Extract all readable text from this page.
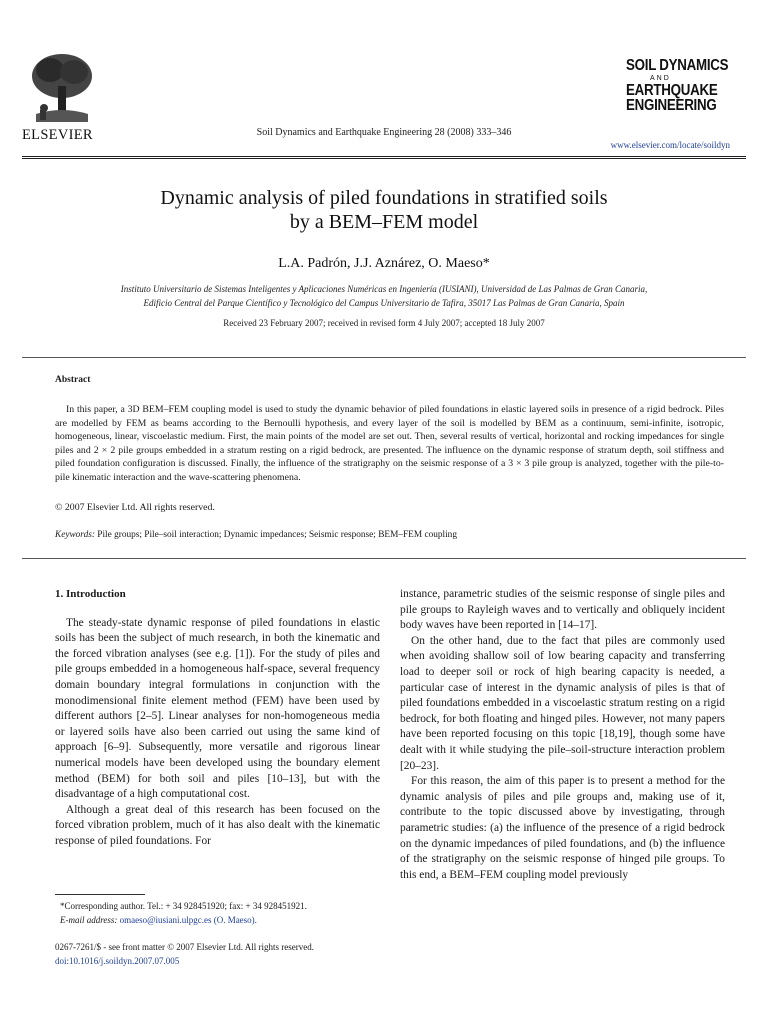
ELSEVIER	Soil Dynamics and Earthquake Engineering 28 (2008) 333–346
SOIL DYNAMICS
AND
EARTHQUAKE
ENGINEERING
www.elsevier.com/locate/soildyn
Dynamic analysis of piled foundations in stratified soils
by a BEM–FEM model
L.A. Padrón, J.J. Aznárez, O. Maeso*
Instituto Universitario de Sistemas Inteligentes y Aplicaciones Numéricas en Ingeniería (IUSIANI), Universidad de Las Palmas de Gran Canaria,
Edificio Central del Parque Científico y Tecnológico del Campus Universitario de Tafira, 35017 Las Palmas de Gran Canaria, Spain
Received 23 February 2007; received in revised form 4 July 2007; accepted 18 July 2007
Abstract
In this paper, a 3D BEM–FEM coupling model is used to study the dynamic behavior of piled foundations in elastic layered soils in presence of a rigid bedrock. Piles are modelled by FEM as beams according to the Bernoulli hypothesis, and every layer of the soil is modelled by BEM as a continuum, semi-infinite, isotropic, homogeneous, linear, viscoelastic medium. First, the main points of the model are set out. Then, several results of vertical, horizontal and rocking impedances for single piles and 2 × 2 pile groups embedded in a stratum resting on a rigid bedrock, are presented. The influence on the dynamic response of stratum depth, soil stiffness and piled foundation configuration is discussed. Finally, the influence of the stratigraphy on the seismic response of a 3 × 3 pile group is analyzed, together with the pile-to-pile kinematic interaction and the wave-scattering phenomena.
© 2007 Elsevier Ltd. All rights reserved.
Keywords: Pile groups; Pile–soil interaction; Dynamic impedances; Seismic response; BEM–FEM coupling
1. Introduction

The steady-state dynamic response of piled foundations in elastic soils has been the subject of much research, in both the kinematic and the forced vibration analyses (see e.g. [1]). For the study of piles and pile groups embedded in a homogeneous half-space, several frequency domain boundary integral formulations in conjunction with the monodimensional finite element method (FEM) have been used by different authors [2–5]. Linear analyses for non-homogeneous media or layered soils have also been carried out using the same kind of approach [6–9]. Subsequently, more versatile and rigorous linear numerical models have been developed using the boundary element method (BEM) for both soil and piles [10–13], but with the disadvantage of a high computational cost.

Although a great deal of this research has been focused on the forced vibration problem, much of it has also dealt with the kinematic response of piled foundations. For

instance, parametric studies of the seismic response of single piles and pile groups to Rayleigh waves and to vertically and obliquely incident body waves have been reported in [14–17].

On the other hand, due to the fact that piles are commonly used when avoiding shallow soil of low bearing capacity and transferring load to deeper soil or rock of high bearing capacity is needed, a particular case of interest in the dynamic analysis of piles is that of piled foundations embedded in a viscoelastic stratum resting on a rigid bedrock, for both floating and hinged piles. However, not many papers have been reported focusing on this topic [18,19], though some have dealt with it while studying the pile–soil-structure interaction problem [20–23].

For this reason, the aim of this paper is to present a method for the dynamic analysis of piles and pile groups and, making use of it, contribute to the topic discussed above by investigating, through parametric studies: (a) the influence of the presence of a rigid bedrock on the dynamic impedances of piled foundations, and (b) the influence of the stratigraphy on the seismic response of hinged pile groups. To this end, a BEM–FEM coupling model previously

*Corresponding author. Tel.: + 34 928451920; fax: + 34 928451921.
E-mail address: omaeso@iusiani.ulpgc.es (O. Maeso).
0267-7261/$ - see front matter © 2007 Elsevier Ltd. All rights reserved.
doi:10.1016/j.soildyn.2007.07.005
